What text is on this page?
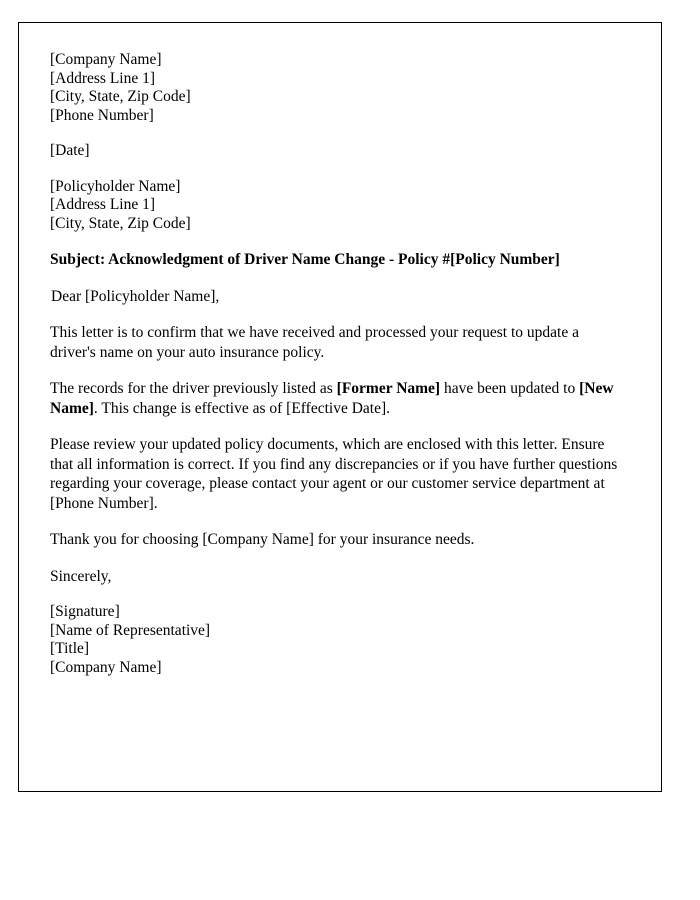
[Company Name]
[Address Line 1]
[City, State, Zip Code]
[Phone Number]
[Date]
[Policyholder Name]
[Address Line 1]
[City, State, Zip Code]
Subject: Acknowledgment of Driver Name Change - Policy #[Policy Number]
Dear [Policyholder Name],
This letter is to confirm that we have received and processed your request to update a driver's name on your auto insurance policy.
The records for the driver previously listed as [Former Name] have been updated to [New Name]. This change is effective as of [Effective Date].
Please review your updated policy documents, which are enclosed with this letter. Ensure that all information is correct. If you find any discrepancies or if you have further questions regarding your coverage, please contact your agent or our customer service department at [Phone Number].
Thank you for choosing [Company Name] for your insurance needs.
Sincerely,
[Signature]
[Name of Representative]
[Title]
[Company Name]
